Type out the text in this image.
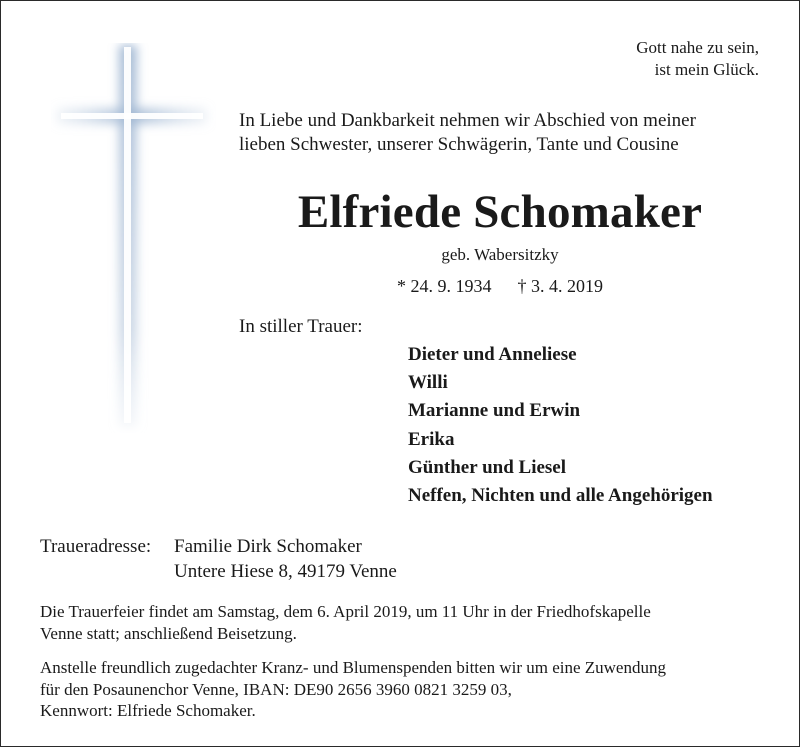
Gott nahe zu sein,
ist mein Glück.
In Liebe und Dankbarkeit nehmen wir Abschied von meiner
lieben Schwester, unserer Schwägerin, Tante und Cousine
Elfriede Schomaker
geb. Wabersitzky
* 24. 9. 1934 † 3. 4. 2019
In stiller Trauer:
Dieter und Anneliese
Willi
Marianne und Erwin
Erika
Günther und Liesel
Neffen, Nichten und alle Angehörigen
Traueradresse: Familie Dirk Schomaker
Untere Hiese 8, 49179 Venne
Die Trauerfeier findet am Samstag, dem 6. April 2019, um 11 Uhr in der Friedhofskapelle
Venne statt; anschließend Beisetzung.
Anstelle freundlich zugedachter Kranz- und Blumenspenden bitten wir um eine Zuwendung
für den Posaunenchor Venne, IBAN: DE90 2656 3960 0821 3259 03,
Kennwort: Elfriede Schomaker.
